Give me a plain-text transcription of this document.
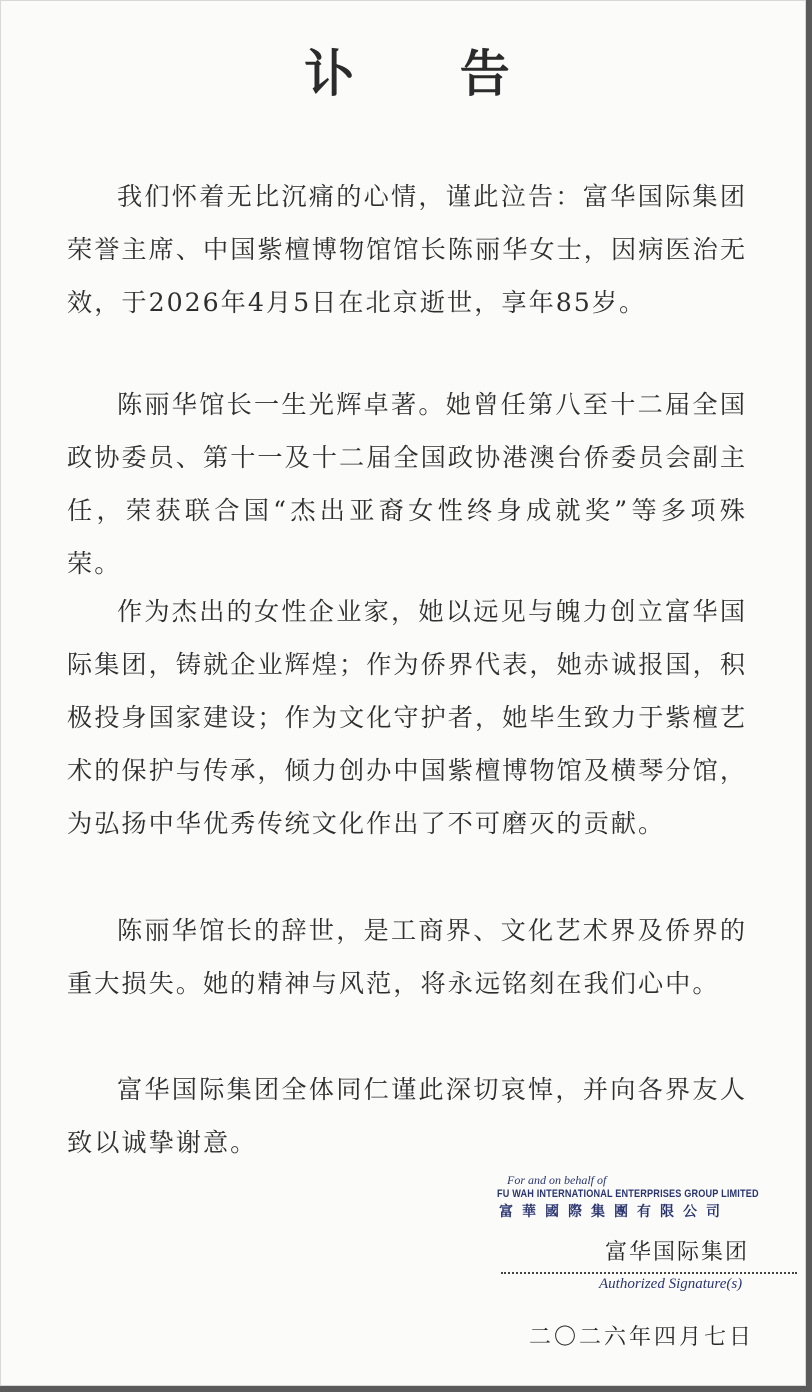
讣 告

我们怀着无比沉痛的心情，谨此泣告：富华国际集团荣誉主席、中国紫檀博物馆馆长陈丽华女士，因病医治无效，于2026年4月5日在北京逝世，享年85岁。

陈丽华馆长一生光辉卓著。她曾任第八至十二届全国政协委员、第十一及十二届全国政协港澳台侨委员会副主任，荣获联合国“杰出亚裔女性终身成就奖”等多项殊荣。

作为杰出的女性企业家，她以远见与魄力创立富华国际集团，铸就企业辉煌；作为侨界代表，她赤诚报国，积极投身国家建设；作为文化守护者，她毕生致力于紫檀艺术的保护与传承，倾力创办中国紫檀博物馆及横琴分馆，为弘扬中华优秀传统文化作出了不可磨灭的贡献。

陈丽华馆长的辞世，是工商界、文化艺术界及侨界的重大损失。她的精神与风范，将永远铭刻在我们心中。

富华国际集团全体同仁谨此深切哀悼，并向各界友人致以诚挚谢意。

For and on behalf of

FU WAH INTERNATIONAL ENTERPRISES GROUP LIMITED

富華國際集團有限公司

富华国际集团

Authorized Signature(s)

二〇二六年四月七日
